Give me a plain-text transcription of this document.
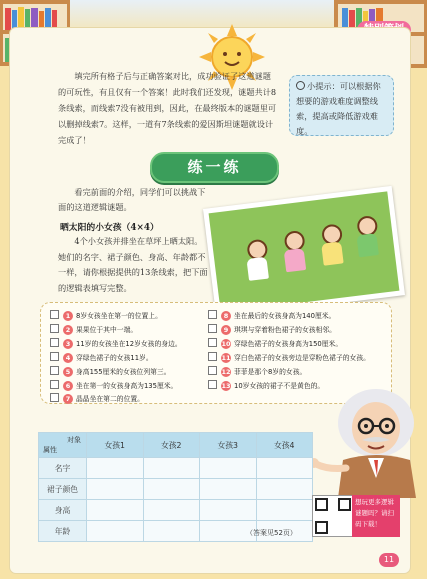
填完所有格子后与正确答案对比，成功验证了这道谜题的可玩性，有且仅有一个答案！此时我们还发现，谜题共计8条线索，而线索7没有被用到，因此，在最终版本的谜题里可以删掉线索7。这样，一道有7条线索的爱因斯坦谜题就设计完成了！

小提示：可以根据你想要的游戏难度调整线索，提高或降低游戏难度。
练一练

看完前面的介绍，同学们可以挑战下面的这道逻辑谜题。

晒太阳的小女孩（4×4）

4个小女孩并排坐在草坪上晒太阳。她们的名字、裙子颜色、身高、年龄都不一样，请你根据提供的13条线索，把下面的逻辑表填写完整。

1 8岁女孩坐在第一的位置上。
2 果果位于其中一端。
3 11岁的女孩坐在12岁女孩的身边。
4 穿绿色裙子的女孩11岁。
5 身高155厘米的女孩位列第三。
6 坐在第一的女孩身高为135厘米。
7 晶晶坐在第二的位置。
8 坐在最后的女孩身高为140厘米。
9 琪琪与穿着粉色裙子的女孩相邻。
10 穿绿色裙子的女孩身高为150厘米。
11 穿白色裙子的女孩旁边是穿粉色裙子的女孩。
12 菲菲是那个8岁的女孩。
13 10岁女孩的裙子不是黄色的。
对象
属性	女孩1	女孩2	女孩3	女孩4
名字				
裙子颜色				
身高				
年龄					（答案见52页）
想玩更多逻辑谜题吗？请扫码下载！
11
